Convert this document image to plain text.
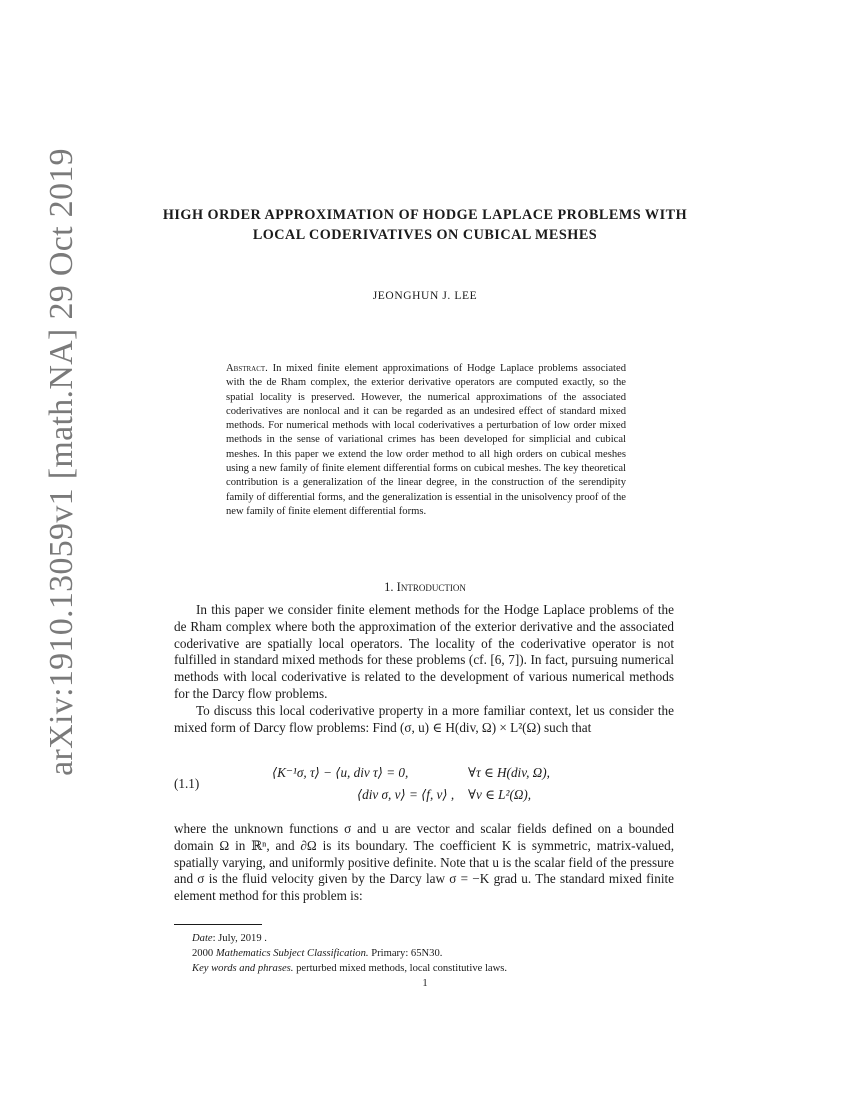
arXiv:1910.13059v1 [math.NA] 29 Oct 2019	HIGH ORDER APPROXIMATION OF HODGE LAPLACE PROBLEMS WITH LOCAL CODERIVATIVES ON CUBICAL MESHES
JEONGHUN J. LEE
Abstract. In mixed finite element approximations of Hodge Laplace problems associated with the de Rham complex, the exterior derivative operators are computed exactly, so the spatial locality is preserved. However, the numerical approximations of the associated coderivatives are nonlocal and it can be regarded as an undesired effect of standard mixed methods. For numerical methods with local coderivatives a perturbation of low order mixed methods in the sense of variational crimes has been developed for simplicial and cubical meshes. In this paper we extend the low order method to all high orders on cubical meshes using a new family of finite element differential forms on cubical meshes. The key theoretical contribution is a generalization of the linear degree, in the construction of the serendipity family of differential forms, and the generalization is essential in the unisolvency proof of the new family of finite element differential forms.
1. Introduction
In this paper we consider finite element methods for the Hodge Laplace problems of the de Rham complex where both the approximation of the exterior derivative and the associated coderivative are spatially local operators. The locality of the coderivative operator is not fulfilled in standard mixed methods for these problems (cf. [6, 7]). In fact, pursuing numerical methods with local coderivative is related to the development of various numerical methods for the Darcy flow problems.
To discuss this local coderivative property in a more familiar context, let us consider the mixed form of Darcy flow problems: Find (σ, u) ∈ H(div, Ω) × L²(Ω) such that
(1.1)
⟨K⁻¹σ, τ⟩ − ⟨u, div τ⟩ = 0,	∀τ ∈ H(div, Ω),
⟨div σ, v⟩ = ⟨f, v⟩ , ∀v ∈ L²(Ω),
where the unknown functions σ and u are vector and scalar fields defined on a bounded domain Ω in ℝⁿ, and ∂Ω is its boundary. The coefficient K is symmetric, matrix-valued, spatially varying, and uniformly positive definite. Note that u is the scalar field of the pressure and σ is the fluid velocity given by the Darcy law σ = −K grad u. The standard mixed finite element method for this problem is:
Date: July, 2019 .
2000 Mathematics Subject Classification. Primary: 65N30.
Key words and phrases. perturbed mixed methods, local constitutive laws.
1
